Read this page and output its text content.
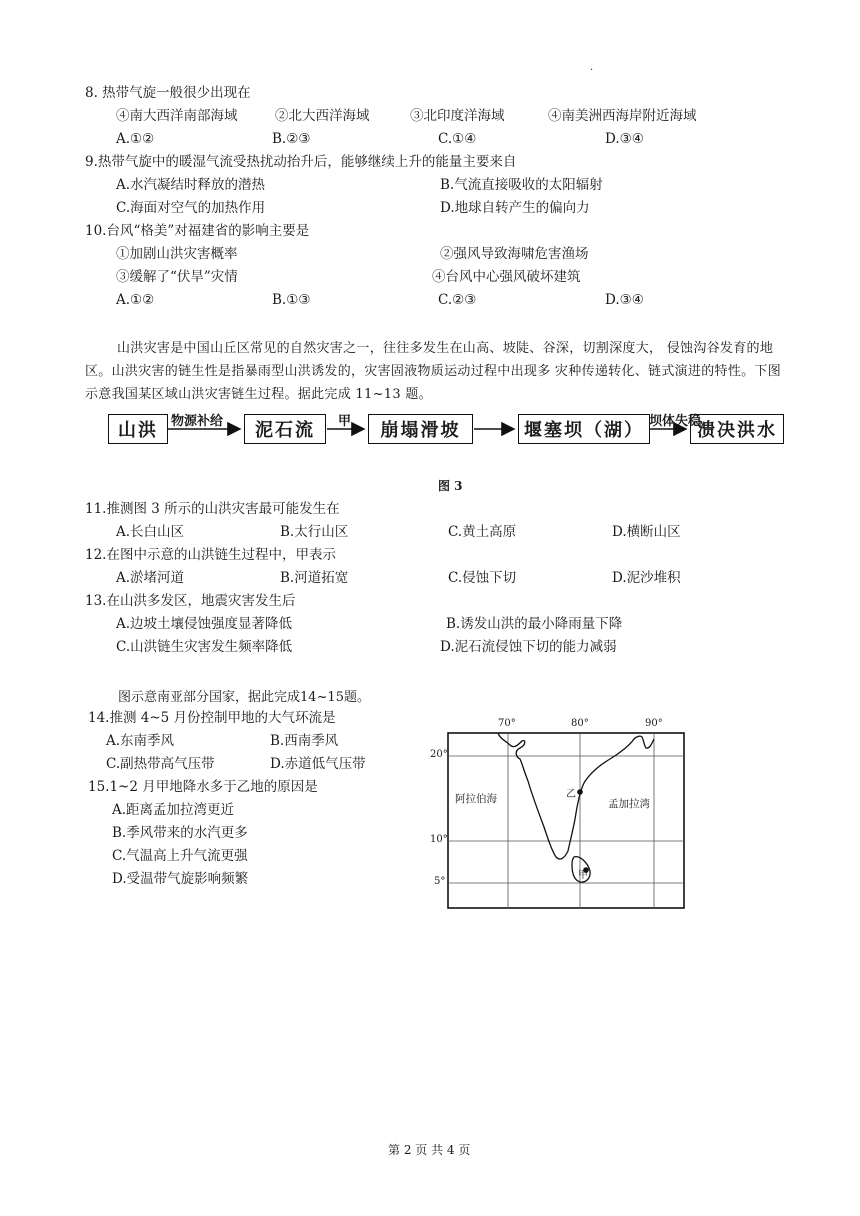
.
8. 热带气旋一般很少出现在
④南大西洋南部海域	②北大西洋海域	③北印度洋海域	④南美洲西海岸附近海域
A.①②	B.②③	C.①④	D.③④
9.热带气旋中的暖湿气流受热扰动抬升后，能够继续上升的能量主要来自
A.水汽凝结时释放的潜热	B.气流直接吸收的太阳辐射
C.海面对空气的加热作用	D.地球自转产生的偏向力
10.台风“格美”对福建省的影响主要是
①加剧山洪灾害概率	②强风导致海啸危害渔场
③缓解了“伏旱”灾情	④台风中心强风破坏建筑
A.①②	B.①③	C.②③	D.③④
山洪灾害是中国山丘区常见的自然灾害之一，往往多发生在山高、坡陡、谷深，切割深度大， 侵蚀沟谷发育的地区。山洪灾害的链生性是指暴雨型山洪诱发的，灾害固液物质运动过程中出现多 灾种传递转化、链式演进的特性。下图示意我国某区域山洪灾害链生过程。据此完成 11~13 题。
山洪	泥石流	崩塌滑坡	堰塞坝（湖）	溃决洪水
物源补给	甲	坝体失稳
图 3
11.推测图 3 所示的山洪灾害最可能发生在
A.长白山区	B.太行山区	C.黄土高原	D.横断山区
12.在图中示意的山洪链生过程中，甲表示
A.淤堵河道	B.河道拓宽	C.侵蚀下切	D.泥沙堆积
13.在山洪多发区，地震灾害发生后
A.边坡土壤侵蚀强度显著降低	B.诱发山洪的最小降雨量下降
C.山洪链生灾害发生频率降低	D.泥石流侵蚀下切的能力减弱
图示意南亚部分国家，据此完成14~15题。
14.推测 4~5 月份控制甲地的大气环流是
A.东南季风	B.西南季风
C.副热带高气压带	D.赤道低气压带
15.1~2 月甲地降水多于乙地的原因是
A.距离孟加拉湾更近
B.季风带来的水汽更多
C.气温高上升气流更强
D.受温带气旋影响频繁
70°	80°	90°
20°
10°
5°
阿拉伯海	孟加拉湾
乙
甲
第 2 页 共 4 页
